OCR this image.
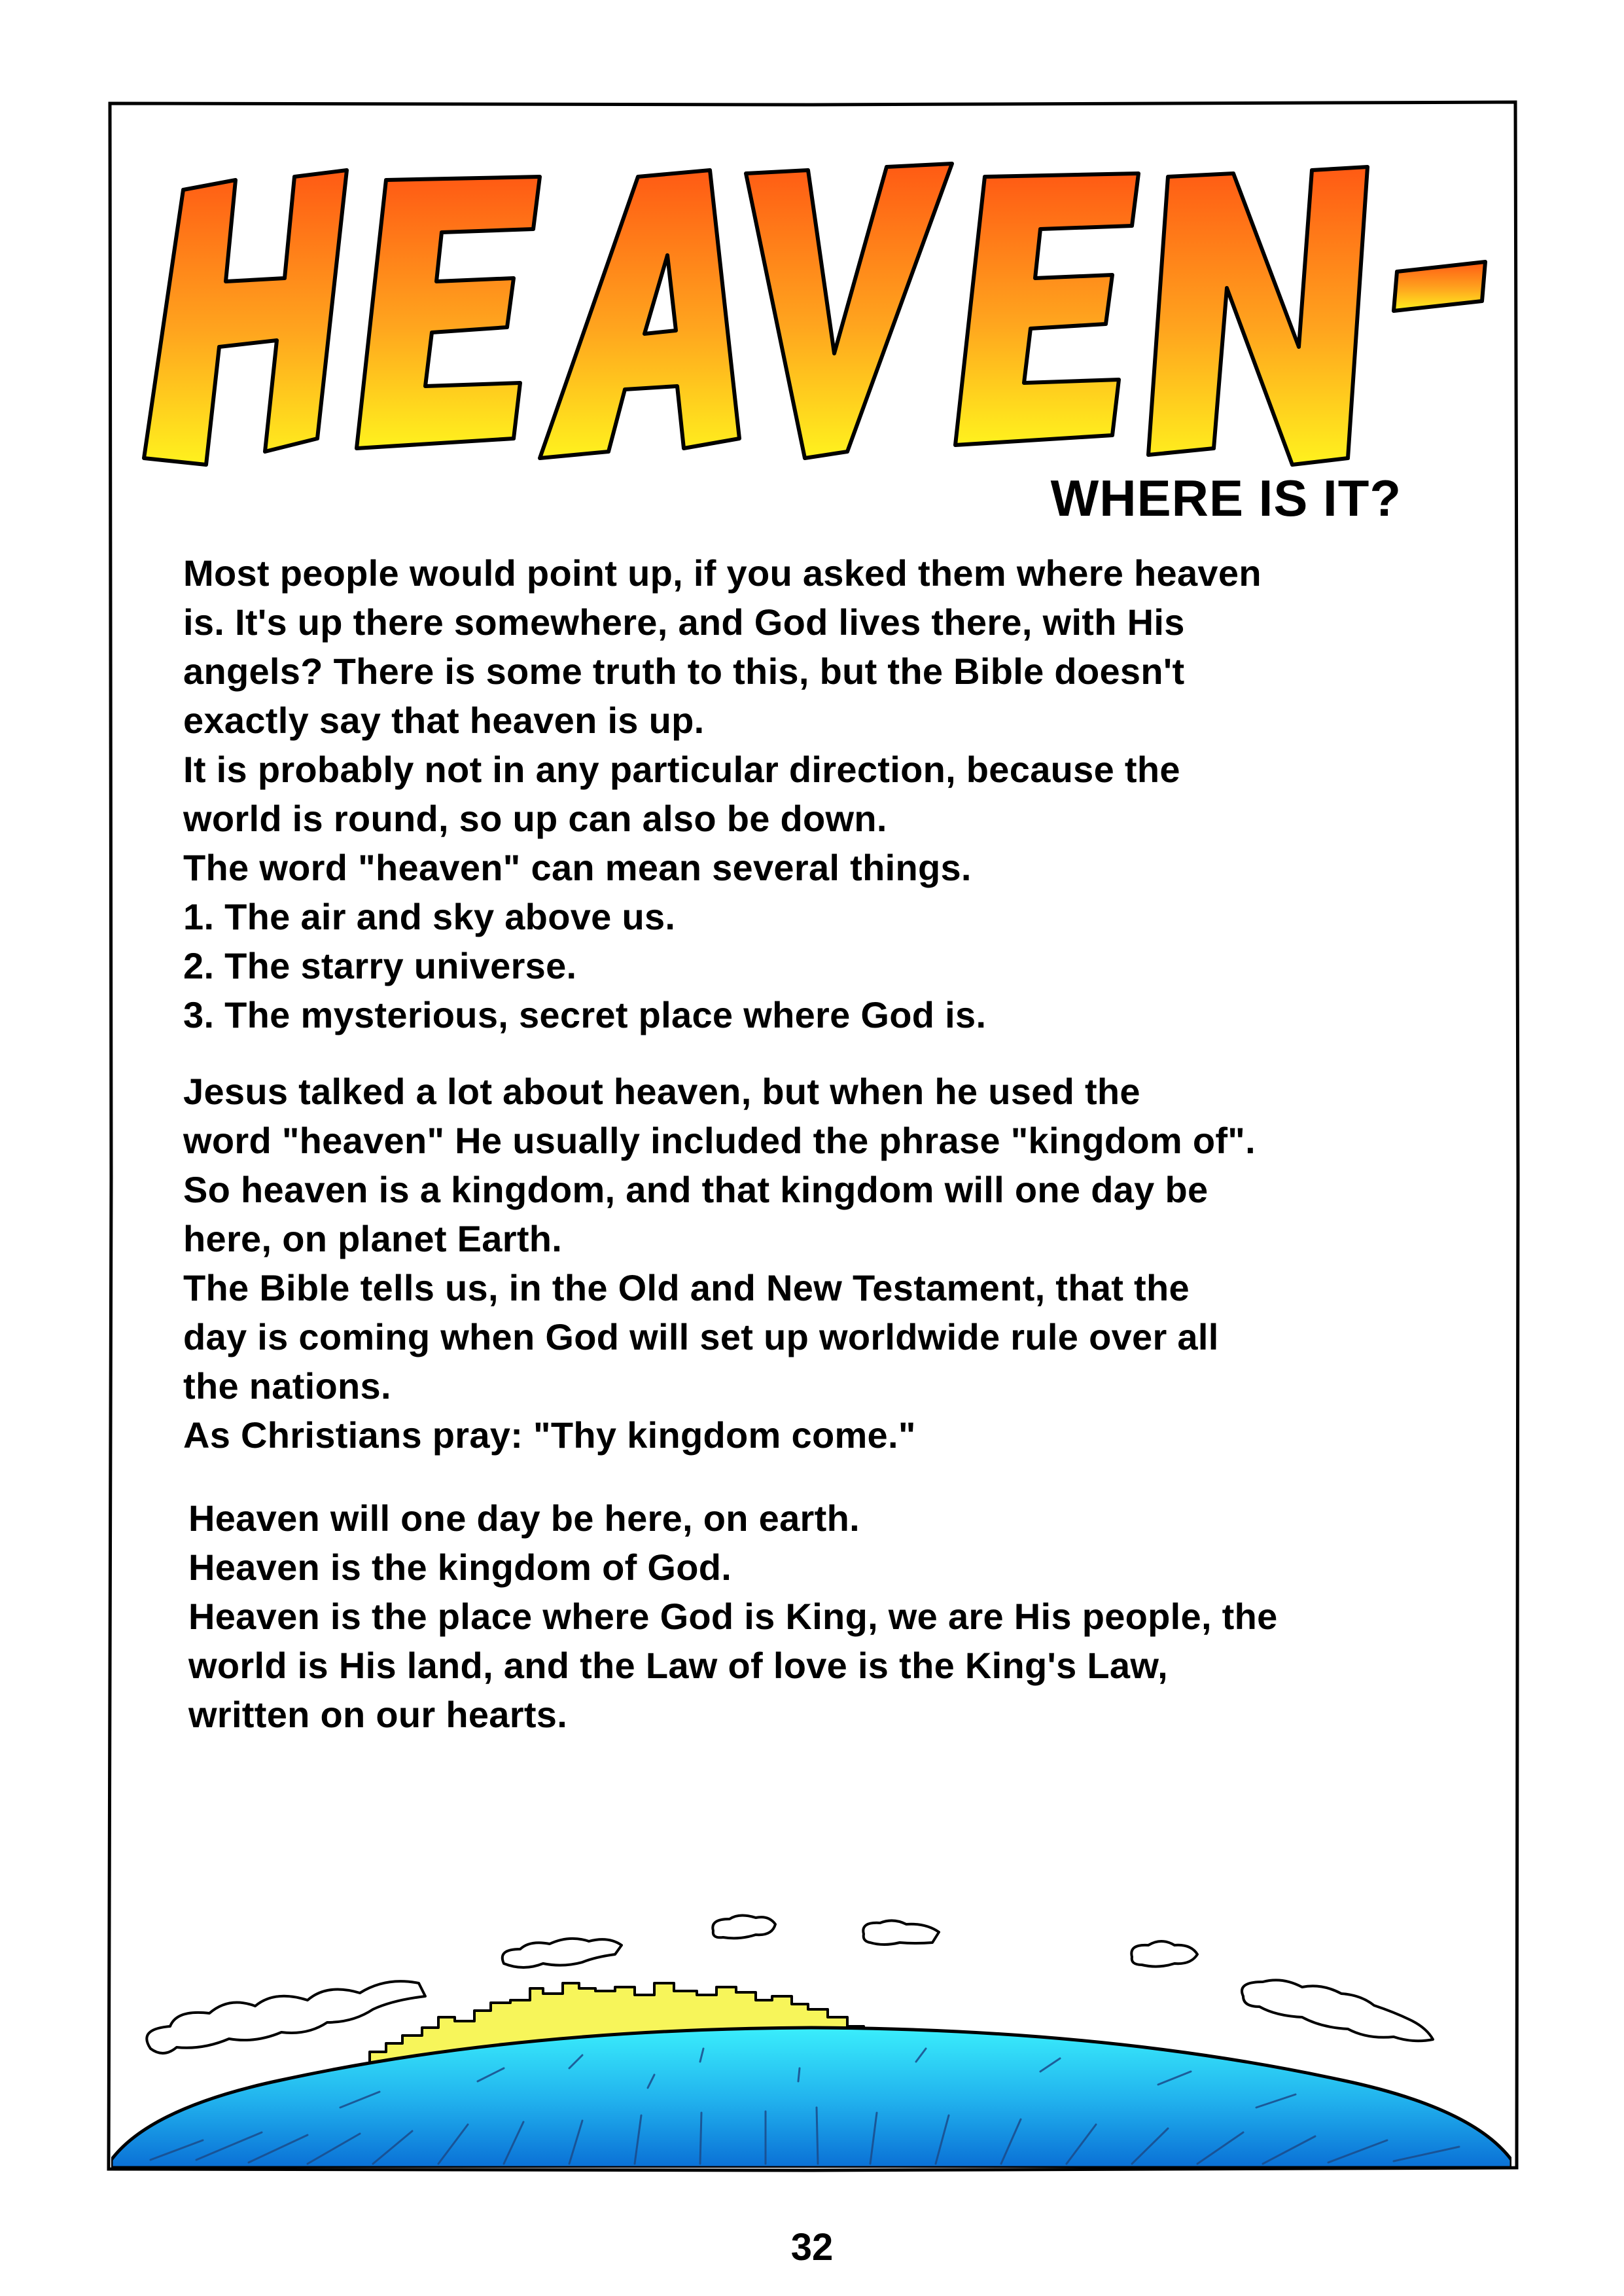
WHERE IS IT?
Most people would point up, if you asked them where heaven
is. It's up there somewhere, and God lives there, with His
angels? There is some truth to this, but the Bible doesn't
exactly say that heaven is up.
It is probably not in any particular direction, because the
world is round, so up can also be down.
The word "heaven" can mean several things.
1. The air and sky above us.
2. The starry universe.
3. The mysterious, secret place where God is.
Jesus talked a lot about heaven, but when he used the
word "heaven" He usually included the phrase "kingdom of".
So heaven is a kingdom, and that kingdom will one day be
here, on planet Earth.
The Bible tells us, in the Old and New Testament, that the
day is coming when God will set up worldwide rule over all
the nations.
As Christians pray: "Thy kingdom come."
Heaven will one day be here, on earth.
Heaven is the kingdom of God.
Heaven is the place where God is King, we are His people, the
world is His land, and the Law of love is the King's Law,
written on our hearts.
32
